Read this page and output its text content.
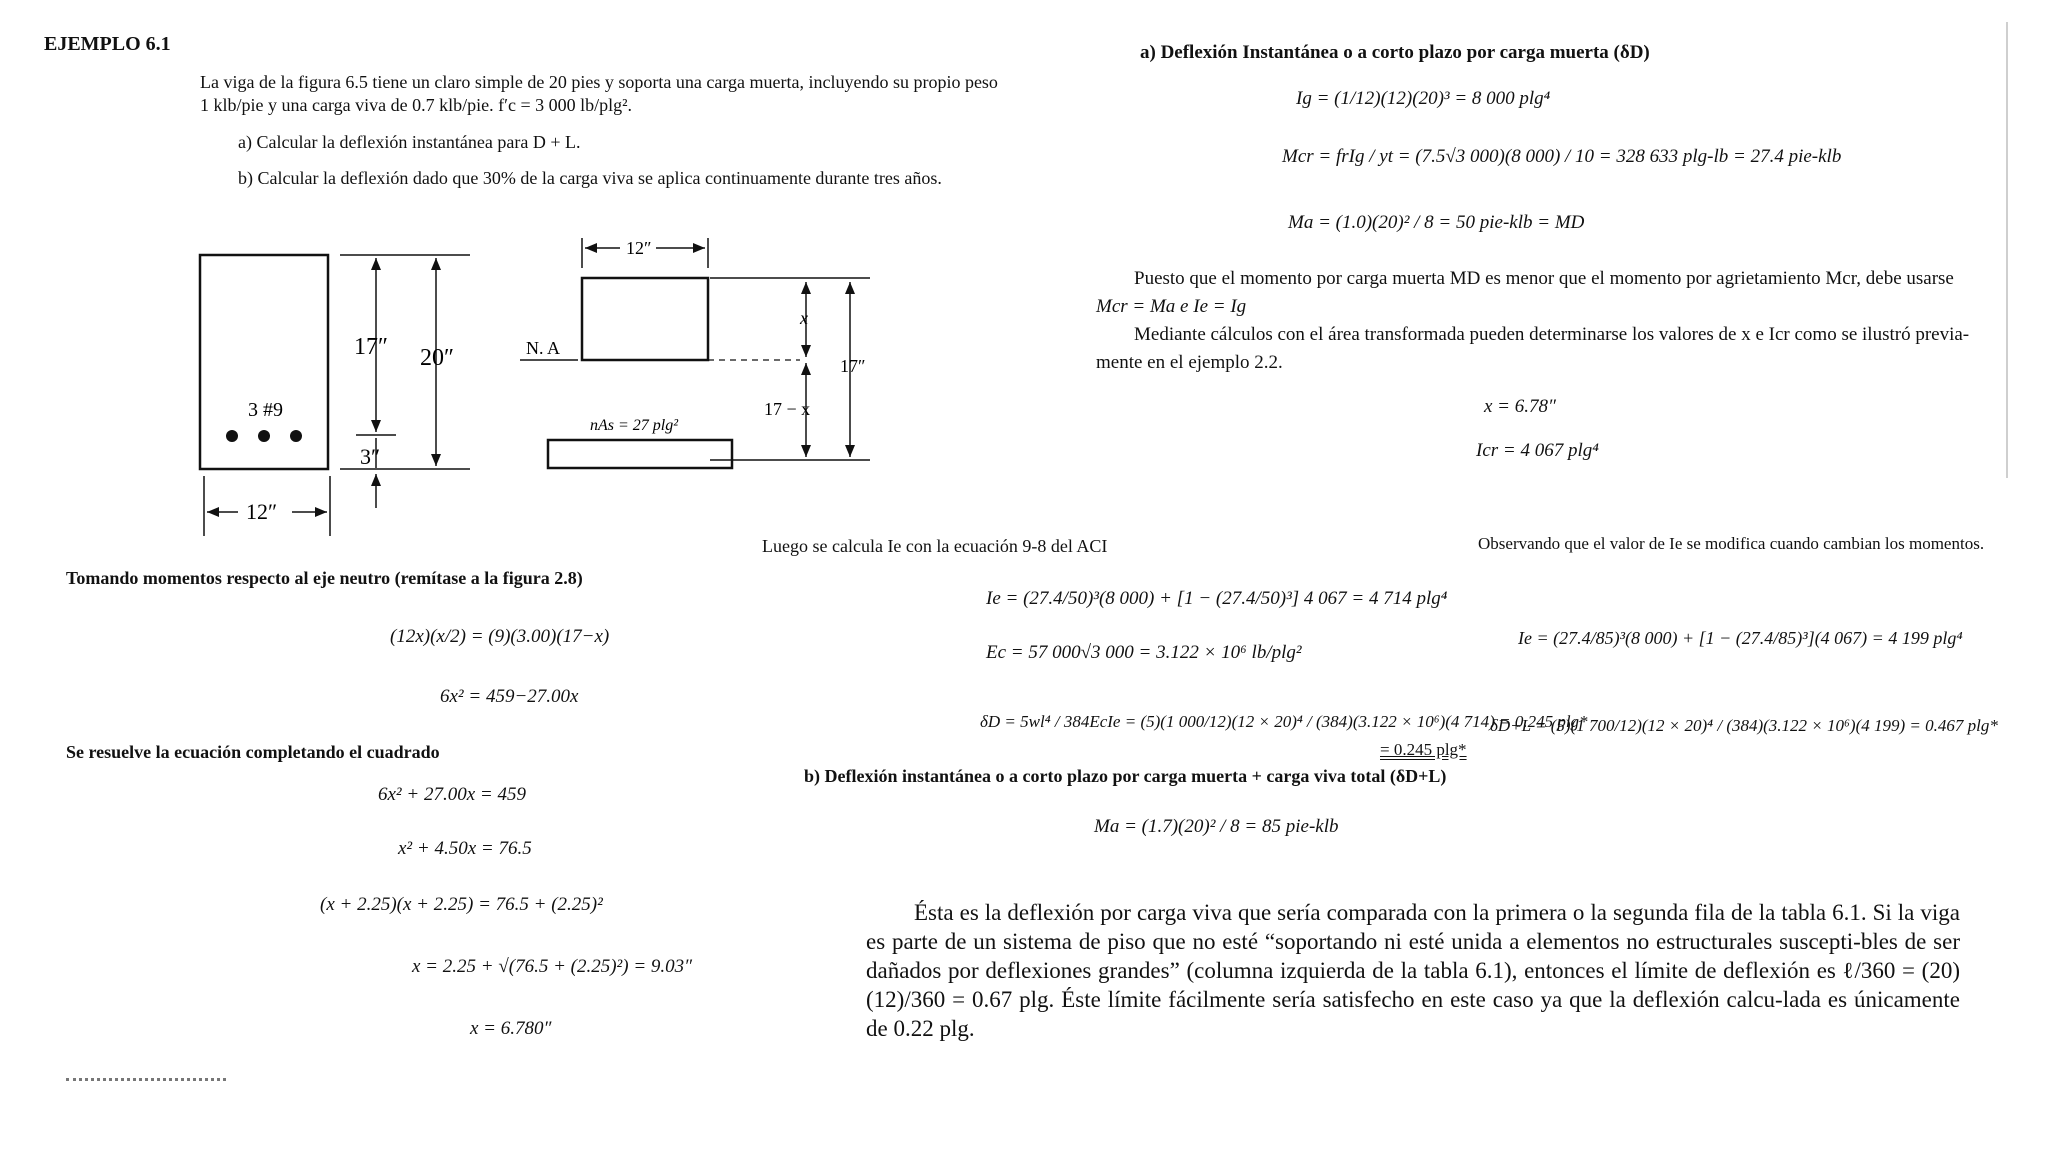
EJEMPLO 6.1
La viga de la figura 6.5 tiene un claro simple de 20 pies y soporta una carga muerta, incluyendo su propio peso
1 klb/pie y una carga viva de 0.7 klb/pie. f′c = 3 000 lb/plg².
a) Calcular la deflexión instantánea para D + L.
b) Calcular la deflexión dado que 30% de la carga viva se aplica continuamente durante tres años.
3 #9
17″ 20″
3″
12″
12″
N. A
x
17 − x
17″
nAs = 27 plg²
Tomando momentos respecto al eje neutro (remítase a la figura 2.8)
(12x)(x/2) = (9)(3.00)(17−x)
6x² = 459−27.00x
Se resuelve la ecuación completando el cuadrado
6x² + 27.00x = 459
x² + 4.50x = 76.5
(x + 2.25)(x + 2.25) = 76.5 + (2.25)²
x = 2.25 + √(76.5 + (2.25)²) = 9.03″
x = 6.780″
a) Deflexión Instantánea o a corto plazo por carga muerta (δD)
Ig = (1/12)(12)(20)³ = 8 000 plg⁴
Mcr = frIg / yt = (7.5√3 000)(8 000) / 10 = 328 633 plg-lb = 27.4 pie-klb
Ma = (1.0)(20)² / 8 = 50 pie-klb = MD
Puesto que el momento por carga muerta MD es menor que el momento por agrietamiento Mcr, debe usarse
Mcr = Ma e Ie = Ig
Mediante cálculos con el área transformada pueden determinarse los valores de x e Icr como se ilustró previa-
mente en el ejemplo 2.2.
x = 6.78″
Icr = 4 067 plg⁴
Luego se calcula Ie con la ecuación 9-8 del ACI
Ie = (27.4/50)³(8 000) + [1 − (27.4/50)³] 4 067 = 4 714 plg⁴
Ec = 57 000√3 000 = 3.122 × 10⁶ lb/plg²
δD = 5wl⁴ / 384EcIe = (5)(1 000/12)(12 × 20)⁴ / (384)(3.122 × 10⁶)(4 714) = 0.245 plg*
= 0.245 plg*
Observando que el valor de Ie se modifica cuando cambian los momentos.
Ie = (27.4/85)³(8 000) + [1 − (27.4/85)³](4 067) = 4 199 plg⁴
δD+L = (5)(1 700/12)(12 × 20)⁴ / (384)(3.122 × 10⁶)(4 199) = 0.467 plg*
b) Deflexión instantánea o a corto plazo por carga muerta + carga viva total (δD+L)
Ma = (1.7)(20)² / 8 = 85 pie-klb
Ésta es la deflexión por carga viva que sería comparada con la primera o la segunda fila de la tabla 6.1. Si la viga es parte de un sistema de piso que no esté “soportando ni esté unida a elementos no estructurales suscepti-bles de ser dañados por deflexiones grandes” (columna izquierda de la tabla 6.1), entonces el límite de deflexión es ℓ/360 = (20)(12)/360 = 0.67 plg. Éste límite fácilmente sería satisfecho en este caso ya que la deflexión calcu-lada es únicamente de 0.22 plg.
